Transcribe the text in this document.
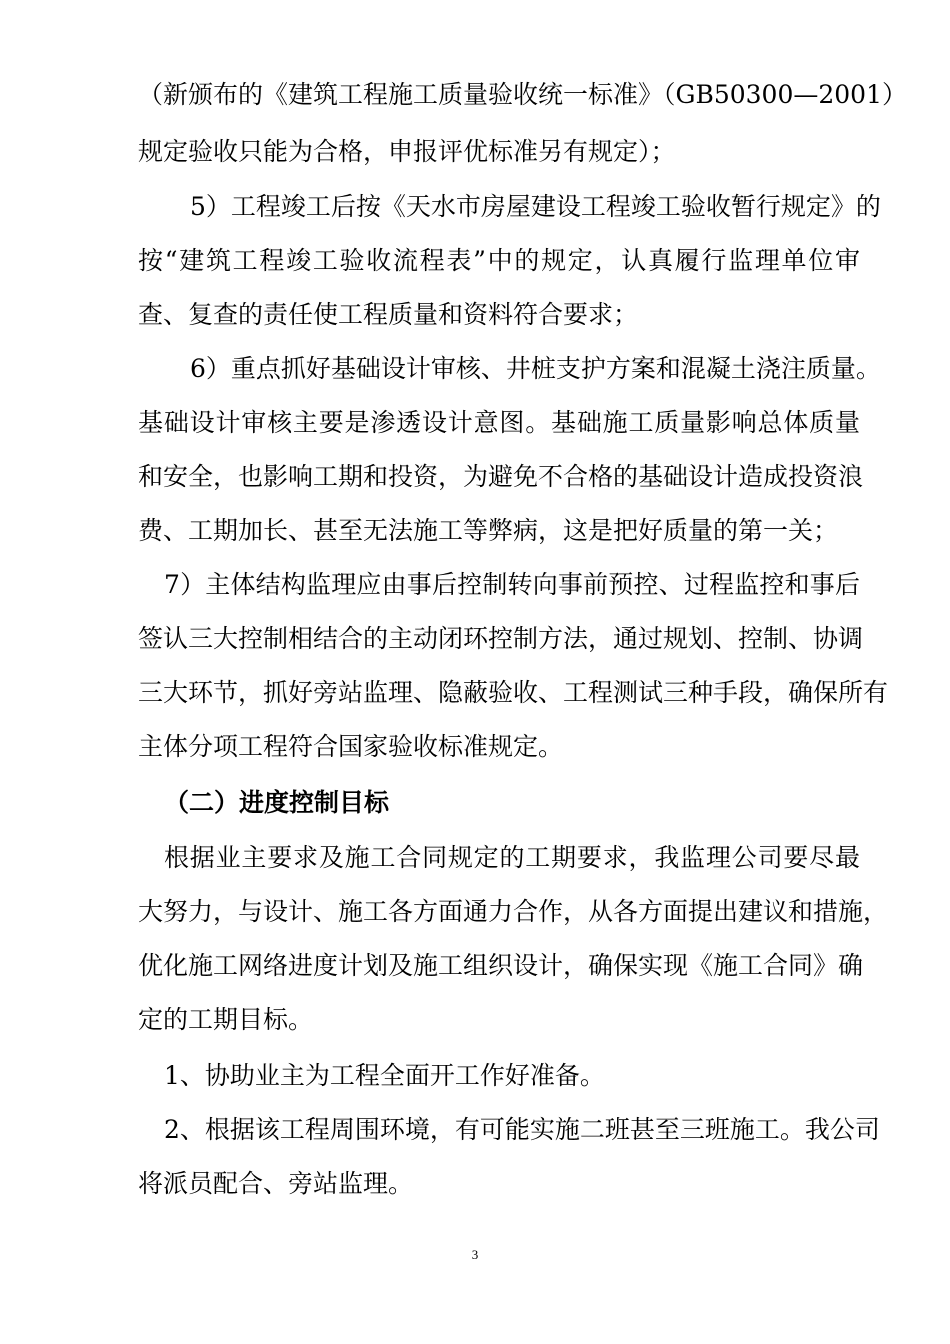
（新颁布的《建筑工程施工质量验收统一标准》（GB50300—2001）
规定验收只能为合格，申报评优标准另有规定）；
5）工程竣工后按《天水市房屋建设工程竣工验收暂行规定》的
按“建筑工程竣工验收流程表”中的规定，认真履行监理单位审
查、复查的责任使工程质量和资料符合要求；
6）重点抓好基础设计审核、井桩支护方案和混凝土浇注质量。
基础设计审核主要是渗透设计意图。基础施工质量影响总体质量
和安全，也影响工期和投资，为避免不合格的基础设计造成投资浪
费、工期加长、甚至无法施工等弊病，这是把好质量的第一关；
7）主体结构监理应由事后控制转向事前预控、过程监控和事后
签认三大控制相结合的主动闭环控制方法，通过规划、控制、协调
三大环节，抓好旁站监理、隐蔽验收、工程测试三种手段，确保所有
主体分项工程符合国家验收标准规定。
（二）进度控制目标
根据业主要求及施工合同规定的工期要求，我监理公司要尽最
大努力，与设计、施工各方面通力合作，从各方面提出建议和措施，
优化施工网络进度计划及施工组织设计，确保实现《施工合同》确
定的工期目标。
1、协助业主为工程全面开工作好准备。
2、根据该工程周围环境，有可能实施二班甚至三班施工。我公司
将派员配合、旁站监理。
3
